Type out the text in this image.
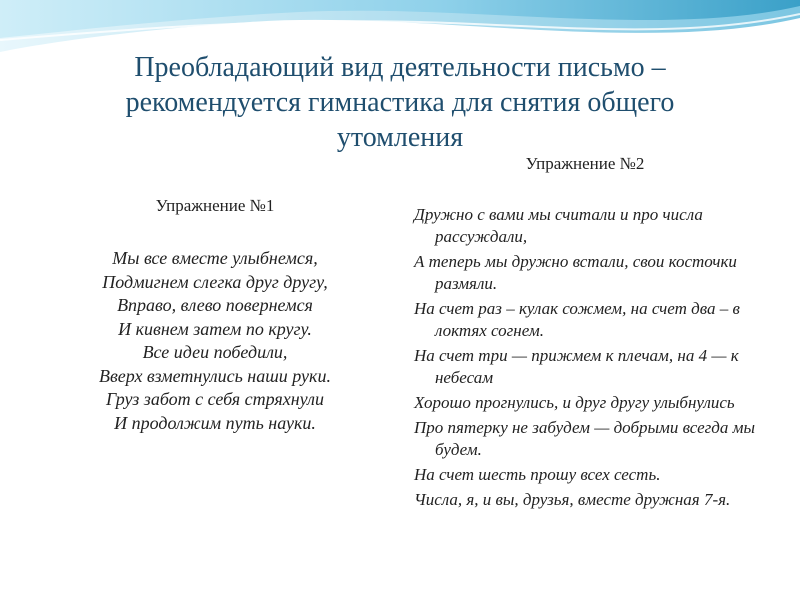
Преобладающий вид деятельности письмо – рекомендуется гимнастика для снятия общего утомления
Упражнение №1
Мы все вместе улыбнемся,
Подмигнем слегка друг другу,
Вправо, влево повернемся
И кивнем затем по кругу.
Все идеи победили,
Вверх взметнулись наши руки.
Груз забот с себя стряхнули
И продолжим путь науки.
Упражнение №2
Дружно с вами мы считали и про числа рассуждали,
А теперь мы дружно встали, свои косточки размяли.
На счет раз – кулак сожмем, на счет два – в локтях согнем.
На счет три — прижмем к плечам, на 4 — к небесам
Хорошо прогнулись, и друг другу улыбнулись
Про пятерку не забудем — добрыми всегда мы будем.
На счет шесть прошу всех сесть.
Числа, я, и вы, друзья, вместе дружная 7-я.
